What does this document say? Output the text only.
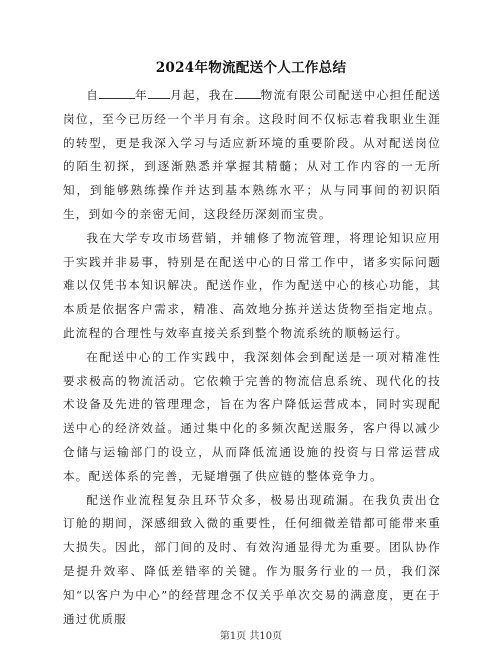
2024年物流配送个人工作总结

自	年 月起，我在 物流有限公司配送中心担任配送岗位，至今已历经一个半月有余。这段时间不仅标志着我职业生涯的转型，更是我深入学习与适应新环境的重要阶段。从对配送岗位的陌生初探，到逐渐熟悉并掌握其精髓；从对工作内容的一无所知，到能够熟练操作并达到基本熟练水平；从与同事间的初识陌生，到如今的亲密无间，这段经历深刻而宝贵。

我在大学专攻市场营销，并辅修了物流管理，将理论知识应用于实践并非易事，特别是在配送中心的日常工作中，诸多实际问题难以仅凭书本知识解决。配送作业，作为配送中心的核心功能，其本质是依据客户需求，精准、高效地分拣并送达货物至指定地点。此流程的合理性与效率直接关系到整个物流系统的顺畅运行。

在配送中心的工作实践中，我深刻体会到配送是一项对精准性要求极高的物流活动。它依赖于完善的物流信息系统、现代化的技术设备及先进的管理理念，旨在为客户降低运营成本，同时实现配送中心的经济效益。通过集中化的多频次配送服务，客户得以减少仓储与运输部门的设立，从而降低流通设施的投资与日常运营成本。配送体系的完善，无疑增强了供应链的整体竞争力。

配送作业流程复杂且环节众多，极易出现疏漏。在我负责出仓订舱的期间，深感细致入微的重要性，任何细微差错都可能带来重大损失。因此，部门间的及时、有效沟通显得尤为重要。团队协作是提升效率、降低差错率的关键。作为服务行业的一员，我们深知“以客户为中心”的经营理念不仅关乎单次交易的满意度，更在于通过优质服

第1页 共10页
